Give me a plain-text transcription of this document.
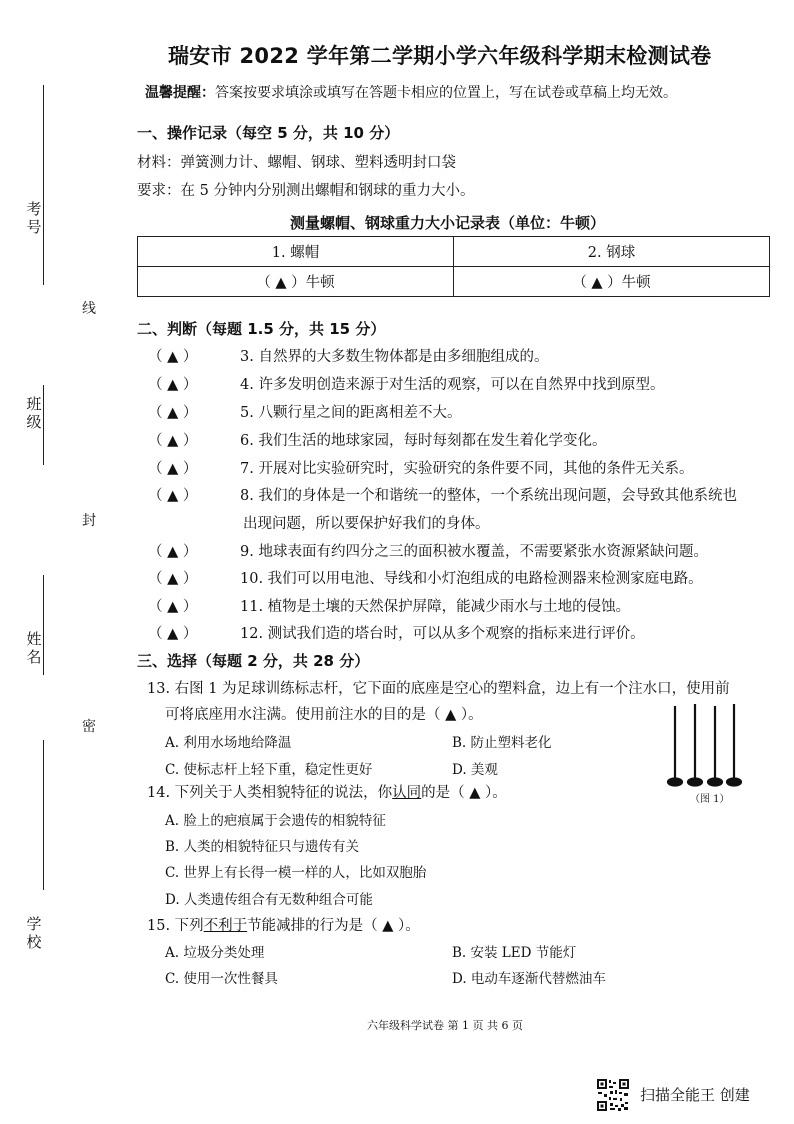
考号
班级
姓名
学校
线
封
密
瑞安市 2022 学年第二学期小学六年级科学期末检测试卷
温馨提醒：答案按要求填涂或填写在答题卡相应的位置上，写在试卷或草稿上均无效。
一、操作记录（每空 5 分，共 10 分）
材料：弹簧测力计、螺帽、钢球、塑料透明封口袋
要求：在 5 分钟内分别测出螺帽和钢球的重力大小。
测量螺帽、钢球重力大小记录表（单位：牛顿）
1. 螺帽	2. 钢球
（ ▲ ）牛顿	（ ▲ ）牛顿
二、判断（每题 1.5 分，共 15 分）
（ ▲ ）	3. 自然界的大多数生物体都是由多细胞组成的。
（ ▲ ）	4. 许多发明创造来源于对生活的观察，可以在自然界中找到原型。
（ ▲ ）	5. 八颗行星之间的距离相差不大。
（ ▲ ）	6. 我们生活的地球家园，每时每刻都在发生着化学变化。
（ ▲ ）	7. 开展对比实验研究时，实验研究的条件要不同，其他的条件无关系。
（ ▲ ）	8. 我们的身体是一个和谐统一的整体，一个系统出现问题，会导致其他系统也
出现问题，所以要保护好我们的身体。
（ ▲ ）	9. 地球表面有约四分之三的面积被水覆盖，不需要紧张水资源紧缺问题。
（ ▲ ）	10. 我们可以用电池、导线和小灯泡组成的电路检测器来检测家庭电路。
（ ▲ ）	11. 植物是土壤的天然保护屏障，能减少雨水与土地的侵蚀。
（ ▲ ）	12. 测试我们造的塔台时，可以从多个观察的指标来进行评价。
三、选择（每题 2 分，共 28 分）
13. 右图 1 为足球训练标志杆，它下面的底座是空心的塑料盒，边上有一个注水口，使用前
可将底座用水注满。使用前注水的目的是（ ▲ ）。
A. 利用水场地给降温	B. 防止塑料老化
C. 使标志杆上轻下重，稳定性更好	D. 美观
（图 1）
14. 下列关于人类相貌特征的说法，你认同的是（ ▲ ）。
A. 脸上的疤痕属于会遗传的相貌特征
B. 人类的相貌特征只与遗传有关
C. 世界上有长得一模一样的人，比如双胞胎
D. 人类遗传组合有无数种组合可能
15. 下列不利于节能减排的行为是（ ▲ ）。
A. 垃圾分类处理	B. 安装 LED 节能灯
C. 使用一次性餐具	D. 电动车逐渐代替燃油车
六年级科学试卷 第 1 页 共 6 页
扫描全能王 创建
